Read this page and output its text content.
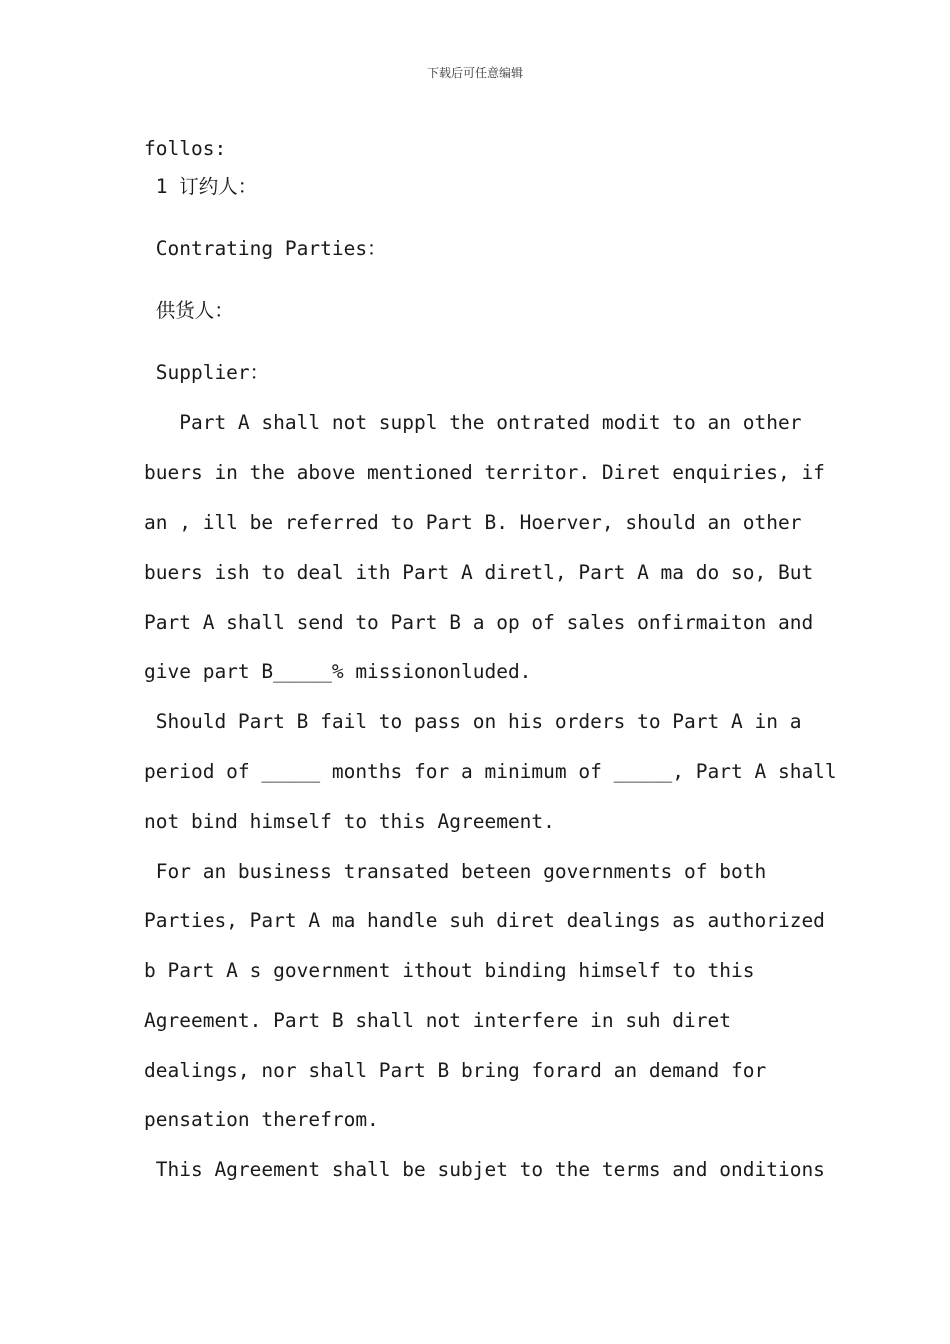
下载后可任意编辑
follos:
1 订约人：
Contrating Parties：
供货人：
Supplier：
Part A shall not suppl the ontrated modit to an other
buers in the above mentioned territor. Diret enquiries, if
an , ill be referred to Part B. Hoerver, should an other
buers ish to deal ith Part A diretl, Part A ma do so, But
Part A shall send to Part B a op of sales onfirmaiton and
give part B_____% missiononluded.
Should Part B fail to pass on his orders to Part A in a
period of _____ months for a minimum of _____, Part A shall
not bind himself to this Agreement.
For an business transated beteen governments of both
Parties, Part A ma handle suh diret dealings as authorized
b Part A s government ithout binding himself to this
Agreement. Part B shall not interfere in suh diret
dealings, nor shall Part B bring forard an demand for
pensation therefrom.
This Agreement shall be subjet to the terms and onditions
